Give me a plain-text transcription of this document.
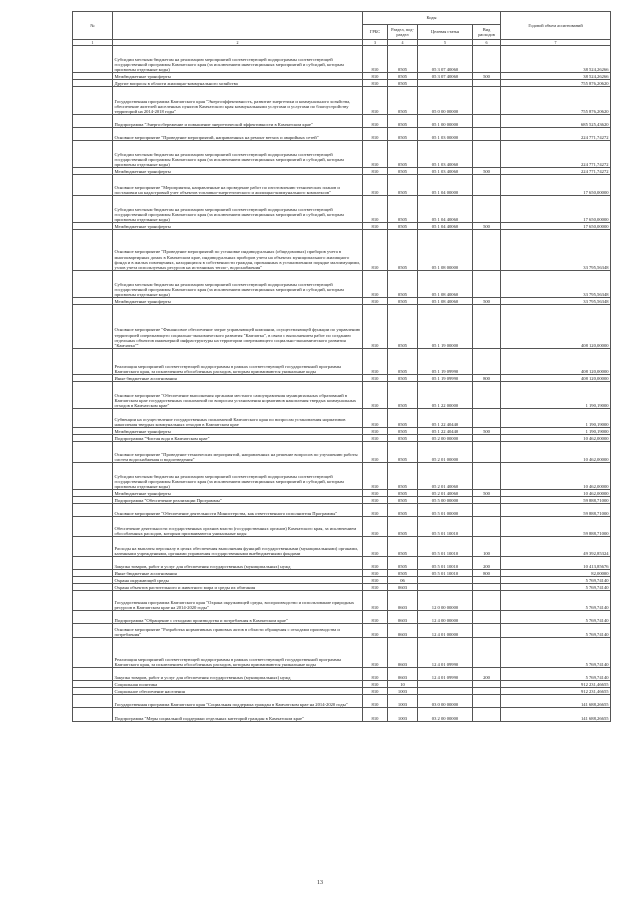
№		Коды				Годовой объем ассигнований
		ГРБС	Раздел, под-раздел	Целевая статья	Вид расходов	
1	2	3	4	5	6	7
	Субсидии местным бюджетам на реализацию мероприятий соответствующей подпрограммы соответствующей государственной программы Камчатского края (за исключением инвестиционных мероприятий и субсидий, которым присвоены отдельные коды)	810	0505	05 3 07 40060		38 524,26266
	Межбюджетные трансферты	810	0505	05 3 07 40060	500	38 524,26266
	Другие вопросы в области жилищно-коммунального хозяйства	810	0505			755 876,20620
	Государственная программа Камчатского края "Энергоэффективность, развитие энергетики и коммунального хозяйства, обеспечение жителей населенных пунктов Камчатского края коммунальными услугами и услугами по благоустройству территорий на 2014-2018 годы"	810	0505	05 0 00 00000		755 876,20620
	Подпрограмма "Энергосбережение и повышение энергетической эффективности в Камчатском крае"	810	0505	05 1 00 00000		685 525,43620
	Основное мероприятие "Проведение мероприятий, направленных на ремонт ветхих и аварийных сетей"	810	0505	05 1 03 00000		224 771,74272
	Субсидии местным бюджетам на реализацию мероприятий соответствующей подпрограммы соответствующей государственной программы Камчатского края (за исключением инвестиционных мероприятий и субсидий, которым присвоены отдельные коды)	810	0505	05 1 03 40060		224 771,74272
	Межбюджетные трансферты	810	0505	05 1 03 40060	500	224 771,74272
	Основное мероприятие "Мероприятия, направленные на проведение работ по изготовлению технических планов и постановки на кадастровый учет объектов топливно-энергетического и жилищно-коммунального комплексов"	810	0505	05 1 04 00000		17 650,00000
	Субсидии местным бюджетам на реализацию мероприятий соответствующей подпрограммы соответствующей государственной программы Камчатского края (за исключением инвестиционных мероприятий и субсидий, которым присвоены отдельные коды)	810	0505	05 1 04 40060		17 650,00000
	Межбюджетные трансферты	810	0505	05 1 04 40060	500	17 650,00000
	Основное мероприятие "Проведение мероприятий по установке индивидуальных (общедомовых) приборов учета в многоквартирных домах в Камчатском крае, индивидуальных приборов учета на объектах муниципального жилищного фонда и в жилых помещениях, находящихся в собственности граждан, признанных в установленном порядке малоимущими, узлов учета используемых ресурсов на источниках тепло-, водоснабжения"	810	0505	05 1 08 00000		33 795,56348
	Субсидии местным бюджетам на реализацию мероприятий соответствующей подпрограммы соответствующей государственной программы Камчатского края (за исключением инвестиционных мероприятий и субсидий, которым присвоены отдельные коды)	810	0505	05 1 08 40060		33 795,56348
	Межбюджетные трансферты	810	0505	05 1 08 40060	500	33 795,56348
	Основное мероприятие "Финансовое обеспечение затрат управляющей компании, осуществляющей функции по управлению территорией опережающего социально-экономического развития "Камчатка", в связи с выполнением работ по созданию отдельных объектов инженерной инфраструктуры на территории опережающего социально-экономического развития "Камчатка""	810	0505	05 1 19 00000		408 120,00000
	Реализация мероприятий соответствующей подпрограммы в рамках соответствующей государственной программы Камчатского края, за исключением обособленных расходов, которым присваиваются уникальные коды	810	0505	05 1 19 09990		408 120,00000
	Иные бюджетные ассигнования	810	0505	05 1 19 09990	800	408 120,00000
	Основное мероприятие "Обеспечение выполнения органами местного самоуправления муниципальных образований в Камчатском крае государственных полномочий по вопросам установления нормативов накопления твердых коммунальных отходов в Камчатском крае"	810	0505	05 1 22 00000		1 190,19000
	Субвенции на осуществление государственных полномочий Камчатского края по вопросам установления нормативов накопления твердых коммунальных отходов в Камчатском крае	810	0505	05 1 22 40440		1 190,19000
	Межбюджетные трансферты	810	0505	05 1 22 40440	500	1 190,19000
	Подпрограмма "Чистая вода в Камчатском крае"	810	0505	05 2 00 00000		10 462,00000
	Основное мероприятие "Проведение технических мероприятий, направленных на решение вопросов по улучшению работы систем водоснабжения и водоотведения"	810	0505	05 2 01 00000		10 462,00000
	Субсидии местным бюджетам на реализацию мероприятий соответствующей подпрограммы соответствующей государственной программы Камчатского края (за исключением инвестиционных мероприятий и субсидий, которым присвоены отдельные коды)	810	0505	05 2 01 40060		10 462,00000
	Межбюджетные трансферты	810	0505	05 2 01 40060	500	10 462,00000
	Подпрограмма "Обеспечение реализации Программы"	810	0505	05 5 00 00000		59 888,71000
	Основное мероприятие "Обеспечение деятельности Министерства, как ответственного исполнителя Программы"	810	0505	05 5 01 00000		59 888,71000
	Обеспечение деятельности государственных органов власти (государственных органов) Камчатского края, за исключением обособленных расходов, которым присваиваются уникальные коды	810	0505	05 5 01 10010		59 888,71000
	Расходы на выплаты персоналу в целях обеспечения выполнения функций государственными (муниципальными) органами, казенными учреждениями, органами управления государственными внебюджетными фондами	810	0505	05 5 01 10010	100	49 392,85324
	Закупка товаров, работ и услуг для обеспечения государственных (муниципальных) нужд	810	0505	05 5 01 10010	200	10 413,85676
	Иные бюджетные ассигнования	810	0505	05 5 01 10010	800	82,00000
	Охрана окружающей среды	810	06			5 769,74140
	Охрана объектов растительного и животного мира и среды их обитания	810	0603			5 769,74140
	Государственная программа Камчатского края "Охрана окружающей среды, воспроизводство и использование природных ресурсов в Камчатском крае на 2014-2020 годы"	810	0603	12 0 00 00000		5 769,74140
	Подпрограмма "Обращение с отходами производства и потребления в Камчатском крае"	810	0603	12 4 00 00000		5 769,74140
	Основное мероприятие "Разработка нормативных правовых актов в области обращения с отходами производства и потребления"	810	0603	12 4 01 00000		5 769,74140
	Реализация мероприятий соответствующей подпрограммы в рамках соответствующей государственной программы Камчатского края, за исключением обособленных расходов, которым присваиваются уникальные коды	810	0603	12 4 01 09990		5 769,74140
	Закупка товаров, работ и услуг для обеспечения государственных (муниципальных) нужд	810	0603	12 4 01 09990	200	5 769,74140
	Социальная политика	810	10			912 231,46655
	Социальное обеспечение населения	810	1003			912 231,46655
	Государственная программа Камчатского края "Социальная поддержка граждан в Камчатском крае на 2014-2020 годы"	810	1003	03 0 00 00000		141 688,26655
	Подпрограмма "Меры социальной поддержки отдельных категорий граждан в Камчатском крае"	810	1003	03 2 00 00000		141 688,26655
13
